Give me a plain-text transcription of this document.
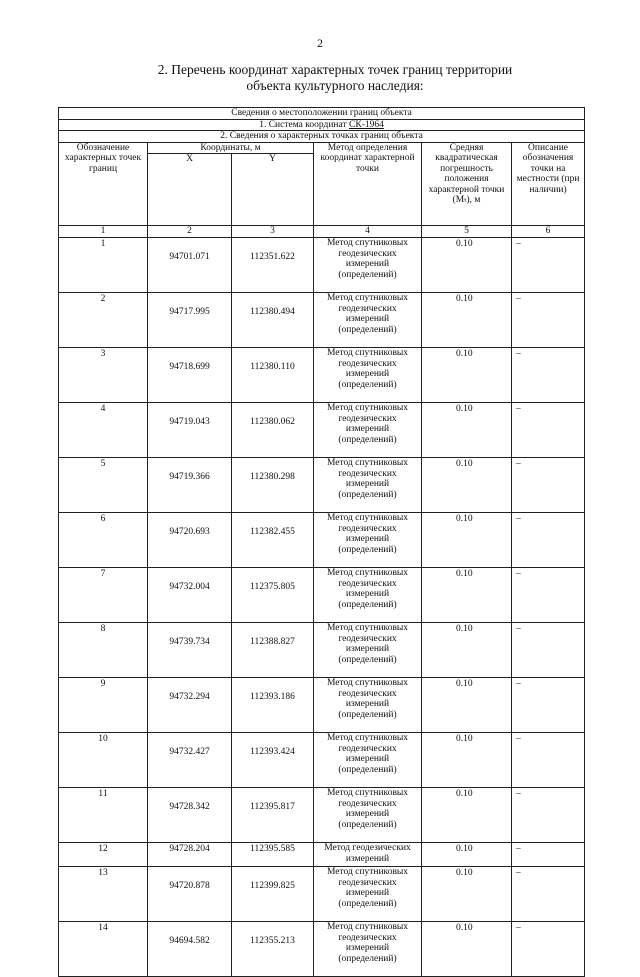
2
2. Перечень координат характерных точек границ территории
объекта культурного наследия:
Сведения о местоположении границ объекта					
1. Система координат СК-1964					
2. Сведения о характерных точках границ объекта					
Обозначение характерных точек границ	Координаты, м		Метод определения координат характерной точки	Средняя квадратическая погрешность положения характерной точки (Mₜ), м	Описание обозначения точки на местности (при наличии)
	X	Y			
1	2	3	4	5	6
1	94701.071	112351.622	Метод спутниковых геодезических измерений (определений)	0.10	–
2	94717.995	112380.494	Метод спутниковых геодезических измерений (определений)	0.10	–
3	94718.699	112380.110	Метод спутниковых геодезических измерений (определений)	0.10	–
4	94719.043	112380.062	Метод спутниковых геодезических измерений (определений)	0.10	–
5	94719.366	112380.298	Метод спутниковых геодезических измерений (определений)	0.10	–
6	94720.693	112382.455	Метод спутниковых геодезических измерений (определений)	0.10	–
7	94732.004	112375.805	Метод спутниковых геодезических измерений (определений)	0.10	–
8	94739.734	112388.827	Метод спутниковых геодезических измерений (определений)	0.10	–
9	94732.294	112393.186	Метод спутниковых геодезических измерений (определений)	0.10	–
10	94732.427	112393.424	Метод спутниковых геодезических измерений (определений)	0.10	–
11	94728.342	112395.817	Метод спутниковых геодезических измерений (определений)	0.10	–
12	94728.204	112395.585	Метод геодезических измерений	0.10	–
13	94720.878	112399.825	Метод спутниковых геодезических измерений (определений)	0.10	–
14	94694.582	112355.213	Метод спутниковых геодезических измерений (определений)	0.10	–
